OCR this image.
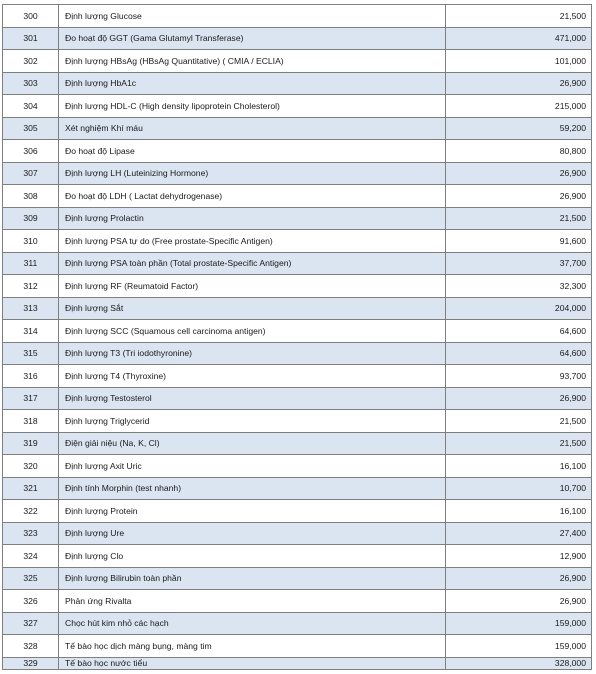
300	Định lượng Glucose	21,500
301	Đo hoạt độ GGT (Gama Glutamyl Transferase)	471,000
302	Định lượng HBsAg (HBsAg Quantitative) ( CMIA / ECLIA)	101,000
303	Định lượng HbA1c	26,900
304	Định lượng HDL-C (High density lipoprotein Cholesterol)	215,000
305	Xét nghiệm Khí máu	59,200
306	Đo hoạt độ Lipase	80,800
307	Định lượng LH (Luteinizing Hormone)	26,900
308	Đo hoạt độ LDH ( Lactat dehydrogenase)	26,900
309	Định lượng Prolactin	21,500
310	Định lượng PSA tự do (Free prostate-Specific Antigen)	91,600
311	Định lượng PSA toàn phần (Total prostate-Specific Antigen)	37,700
312	Định lượng RF (Reumatoid Factor)	32,300
313	Định lượng Sắt	204,000
314	Định lượng SCC (Squamous cell carcinoma antigen)	64,600
315	Định lượng T3 (Tri iodothyronine)	64,600
316	Định lượng T4 (Thyroxine)	93,700
317	Định lượng Testosterol	26,900
318	Định lượng Triglycerid	21,500
319	Điện giải niệu (Na, K, Cl)	21,500
320	Định lượng Axit Uric	16,100
321	Định tính Morphin (test nhanh)	10,700
322	Định lượng Protein	16,100
323	Định lượng Ure	27,400
324	Định lượng Clo	12,900
325	Định lượng Bilirubin toàn phần	26,900
326	Phản ứng Rivalta	26,900
327	Chọc hút kim nhỏ các hạch	159,000
328	Tế bào học dịch màng bụng, màng tim	159,000
329	Tế bào học nước tiểu	328,000
